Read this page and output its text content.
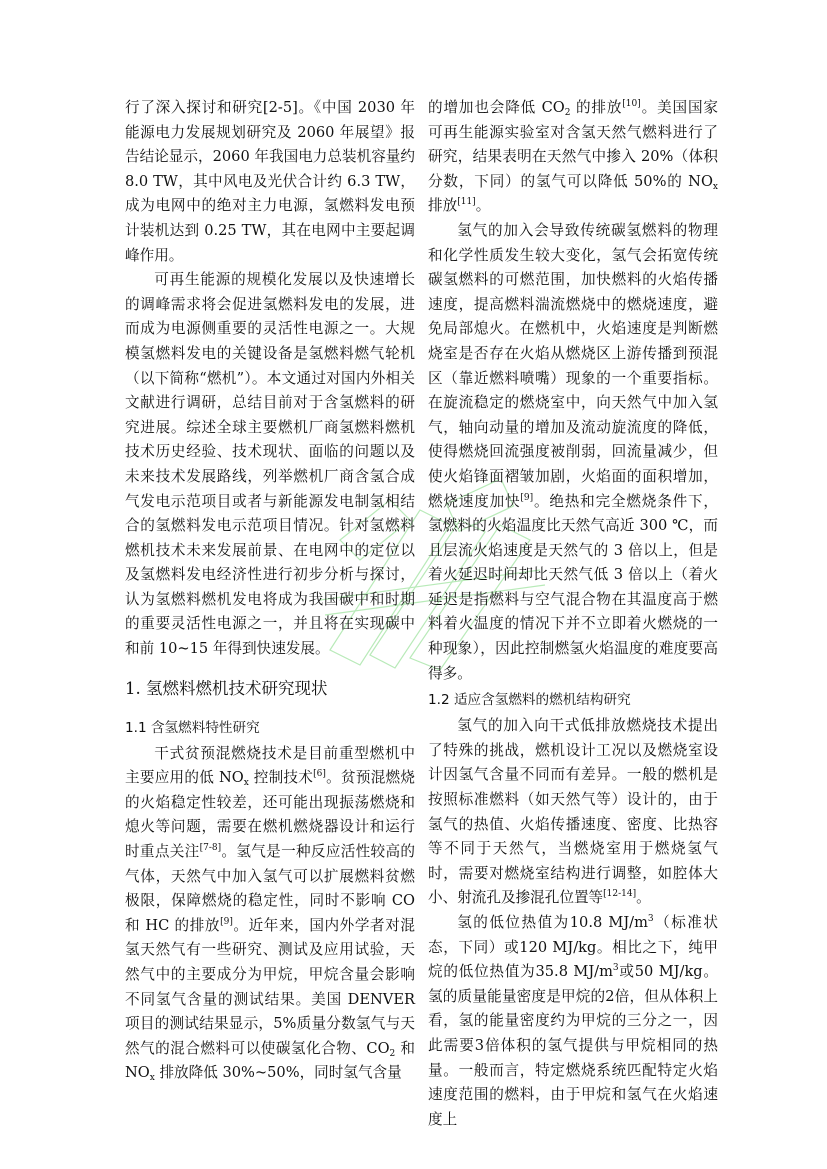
行了深入探讨和研究[2-5]。《中国 2030 年能源电力发展规划研究及 2060 年展望》报告结论显示，2060 年我国电力总装机容量约 8.0 TW，其中风电及光伏合计约 6.3 TW，成为电网中的绝对主力电源，氢燃料发电预计装机达到 0.25 TW，其在电网中主要起调峰作用。

可再生能源的规模化发展以及快速增长的调峰需求将会促进氢燃料发电的发展，进而成为电源侧重要的灵活性电源之一。大规模氢燃料发电的关键设备是氢燃料燃气轮机（以下简称“燃机”）。本文通过对国内外相关文献进行调研，总结目前对于含氢燃料的研究进展。综述全球主要燃机厂商氢燃料燃机技术历史经验、技术现状、面临的问题以及未来技术发展路线，列举燃机厂商含氢合成气发电示范项目或者与新能源发电制氢相结合的氢燃料发电示范项目情况。针对氢燃料燃机技术未来发展前景、在电网中的定位以及氢燃料发电经济性进行初步分析与探讨，认为氢燃料燃机发电将成为我国碳中和时期的重要灵活性电源之一，并且将在实现碳中和前 10~15 年得到快速发展。

1. 氢燃料燃机技术研究现状
1.1 含氢燃料特性研究

干式贫预混燃烧技术是目前重型燃机中主要应用的低 $NO_x$ 控制技术[6]。贫预混燃烧的火焰稳定性较差，还可能出现振荡燃烧和熄火等问题，需要在燃机燃烧器设计和运行时重点关注[7-8]。氢气是一种反应活性较高的气体，天然气中加入氢气可以扩展燃料贫燃极限，保障燃烧的稳定性，同时不影响 CO 和 HC 的排放[9]。近年来，国内外学者对混氢天然气有一些研究、测试及应用试验，天然气中的主要成分为甲烷，甲烷含量会影响不同氢气含量的测试结果。美国 DENVER 项目的测试结果显示，5%质量分数氢气与天然气的混合燃料可以使碳氢化合物、$CO_2$ 和 $NO_x$ 排放降低 30%~50%，同时氢气含量

的增加也会降低 $CO_2$ 的排放[10]。美国国家可再生能源实验室对含氢天然气燃料进行了研究，结果表明在天然气中掺入 20%（体积分数，下同）的氢气可以降低 50%的 $NO_x$ 排放[11]。

氢气的加入会导致传统碳氢燃料的物理和化学性质发生较大变化，氢气会拓宽传统碳氢燃料的可燃范围，加快燃料的火焰传播速度，提高燃料湍流燃烧中的燃烧速度，避免局部熄火。在燃机中，火焰速度是判断燃烧室是否存在火焰从燃烧区上游传播到预混区（靠近燃料喷嘴）现象的一个重要指标。在旋流稳定的燃烧室中，向天然气中加入氢气，轴向动量的增加及流动旋流度的降低，使得燃烧回流强度被削弱，回流量减少，但使火焰锋面褶皱加剧，火焰面的面积增加，燃烧速度加快[9]。绝热和完全燃烧条件下，氢燃料的火焰温度比天然气高近 300 ℃，而且层流火焰速度是天然气的 3 倍以上，但是着火延迟时间却比天然气低 3 倍以上（着火延迟是指燃料与空气混合物在其温度高于燃料着火温度的情况下并不立即着火燃烧的一种现象），因此控制燃氢火焰温度的难度要高得多。

1.2 适应含氢燃料的燃机结构研究

氢气的加入向干式低排放燃烧技术提出了特殊的挑战，燃机设计工况以及燃烧室设计因氢气含量不同而有差异。一般的燃机是按照标准燃料（如天然气等）设计的，由于氢气的热值、火焰传播速度、密度、比热容等不同于天然气，当燃烧室用于燃烧氢气时，需要对燃烧室结构进行调整，如腔体大小、射流孔及掺混孔位置等[12-14]。

氢的低位热值为10.8 $MJ/m^3$（标准状态，下同）或120 MJ/kg。相比之下，纯甲烷的低位热值为35.8 $MJ/m^3$或50 MJ/kg。氢的质量能量密度是甲烷的2倍，但从体积上看，氢的能量密度约为甲烷的三分之一，因此需要3倍体积的氢气提供与甲烷相同的热量。一般而言，特定燃烧系统匹配特定火焰速度范围的燃料，由于甲烷和氢气在火焰速度上
